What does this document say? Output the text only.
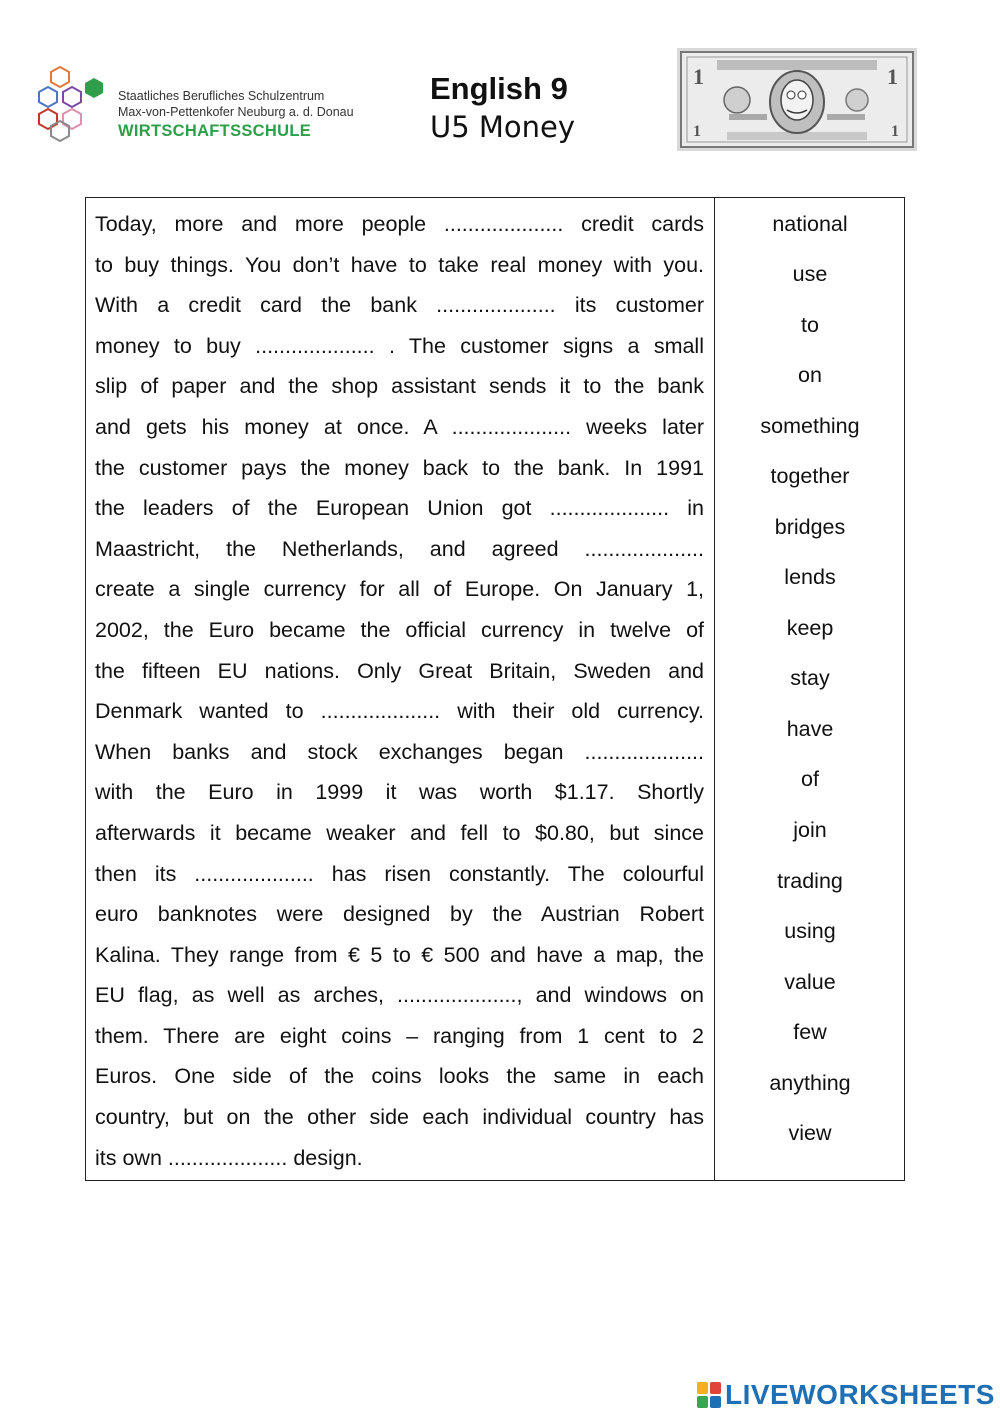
Staatliches Berufliches Schulzentrum
Max-von-Pettenkofer Neuburg a. d. Donau
WIRTSCHAFTSSCHULE
English 9
U5 Money
1	1
1	1
Today, more and more people .................... credit cards
to buy things. You don’t have to take real money with you.
With a credit card the bank .................... its customer
money to buy .................... . The customer signs a small
slip of paper and the shop assistant sends it to the bank
and gets his money at once. A .................... weeks later
the customer pays the money back to the bank. In 1991
the leaders of the European Union got .................... in
Maastricht, the Netherlands, and agreed ....................
create a single currency for all of Europe. On January 1,
2002, the Euro became the official currency in twelve of
the fifteen EU nations. Only Great Britain, Sweden and
Denmark wanted to .................... with their old currency.
When banks and stock exchanges began ....................
with the Euro in 1999 it was worth $1.17. Shortly
afterwards it became weaker and fell to $0.80, but since
then its .................... has risen constantly. The colourful
euro banknotes were designed by the Austrian Robert
Kalina. They range from € 5 to € 500 and have a map, the
EU flag, as well as arches, ...................., and windows on
them. There are eight coins – ranging from 1 cent to 2
Euros. One side of the coins looks the same in each
country, but on the other side each individual country has
its own .................... design.
national
use
to
on
something
together
bridges
lends
keep
stay
have
of
join
trading
using
value
few
anything
view
LIVEWORKSHEETS
